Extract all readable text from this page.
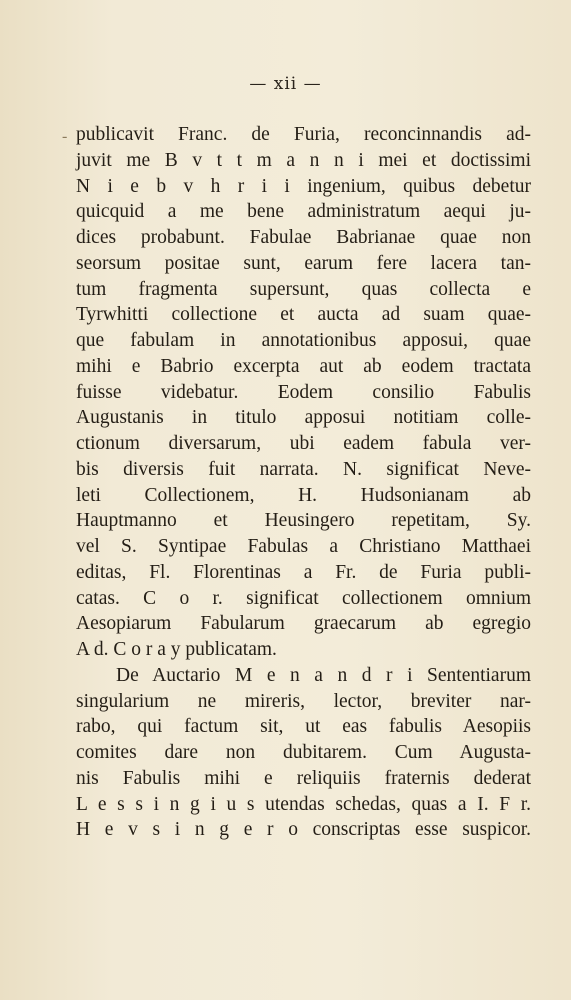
— xii —
- publicavit Franc. de Furia, reconcinnandis ad-
juvit me B v t t m a n n i mei et doctissimi
N i e b v h r i i ingenium, quibus debetur
quicquid a me bene administratum aequi ju-
dices probabunt. Fabulae Babrianae quae non
seorsum positae sunt, earum fere lacera tan-
tum fragmenta supersunt, quas collecta e
Tyrwhitti collectione et aucta ad suam quae-
que fabulam in annotationibus apposui, quae
mihi e Babrio excerpta aut ab eodem tractata
fuisse videbatur. Eodem consilio Fabulis
Augustanis in titulo apposui notitiam colle-
ctionum diversarum, ubi eadem fabula ver-
bis diversis fuit narrata. N. significat Neve-
leti Collectionem, H. Hudsonianam ab
Hauptmanno et Heusingero repetitam, Sy.
vel S. Syntipae Fabulas a Christiano Matthaei
editas, Fl. Florentinas a Fr. de Furia publi-
catas. C o r. significat collectionem omnium
Aesopiarum Fabularum graecarum ab egregio
A d. C o r a y publicatam.
De Auctario M e n a n d r i Sententiarum
singularium ne mireris, lector, breviter nar-
rabo, qui factum sit, ut eas fabulis Aesopiis
comites dare non dubitarem. Cum Augusta-
nis Fabulis mihi e reliquiis fraternis dederat
L e s s i n g i u s utendas schedas, quas a I. F r.
H e v s i n g e r o conscriptas esse suspicor.
